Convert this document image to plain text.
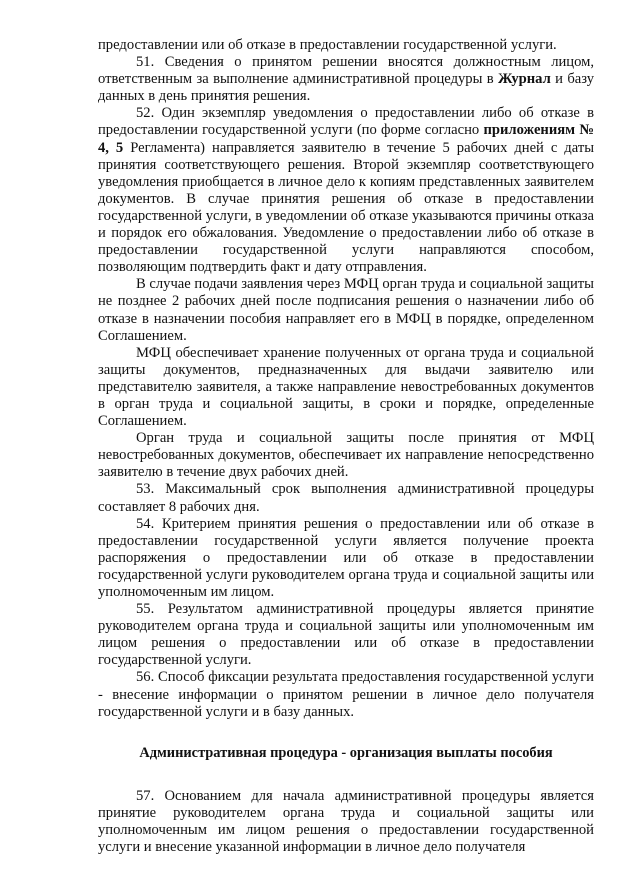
предоставлении или об отказе в предоставлении государственной услуги.

51. Сведения о принятом решении вносятся должностным лицом, ответственным за выполнение административной процедуры в Журнал и базу данных в день принятия решения.

52. Один экземпляр уведомления о предоставлении либо об отказе в предоставлении государственной услуги (по форме согласно приложениям № 4, 5 Регламента) направляется заявителю в течение 5 рабочих дней с даты принятия соответствующего решения. Второй экземпляр соответствующего уведомления приобщается в личное дело к копиям представленных заявителем документов. В случае принятия решения об отказе в предоставлении государственной услуги, в уведомлении об отказе указываются причины отказа и порядок его обжалования. Уведомление о предоставлении либо об отказе в предоставлении государственной услуги направляются способом, позволяющим подтвердить факт и дату отправления.

В случае подачи заявления через МФЦ орган труда и социальной защиты не позднее 2 рабочих дней после подписания решения о назначении либо об отказе в назначении пособия направляет его в МФЦ в порядке, определенном Соглашением.

МФЦ обеспечивает хранение полученных от органа труда и социальной защиты документов, предназначенных для выдачи заявителю или представителю заявителя, а также направление невостребованных документов в орган труда и социальной защиты, в сроки и порядке, определенные Соглашением.

Орган труда и социальной защиты после принятия от МФЦ невостребованных документов, обеспечивает их направление непосредственно заявителю в течение двух рабочих дней.

53. Максимальный срок выполнения административной процедуры составляет 8 рабочих дня.

54. Критерием принятия решения о предоставлении или об отказе в предоставлении государственной услуги является получение проекта распоряжения о предоставлении или об отказе в предоставлении государственной услуги руководителем органа труда и социальной защиты или уполномоченным им лицом.

55. Результатом административной процедуры является принятие руководителем органа труда и социальной защиты или уполномоченным им лицом решения о предоставлении или об отказе в предоставлении государственной услуги.

56. Способ фиксации результата предоставления государственной услуги - внесение информации о принятом решении в личное дело получателя государственной услуги и в базу данных.

Административная процедура - организация выплаты пособия

57. Основанием для начала административной процедуры является принятие руководителем органа труда и социальной защиты или уполномоченным им лицом решения о предоставлении государственной услуги и внесение указанной информации в личное дело получателя
